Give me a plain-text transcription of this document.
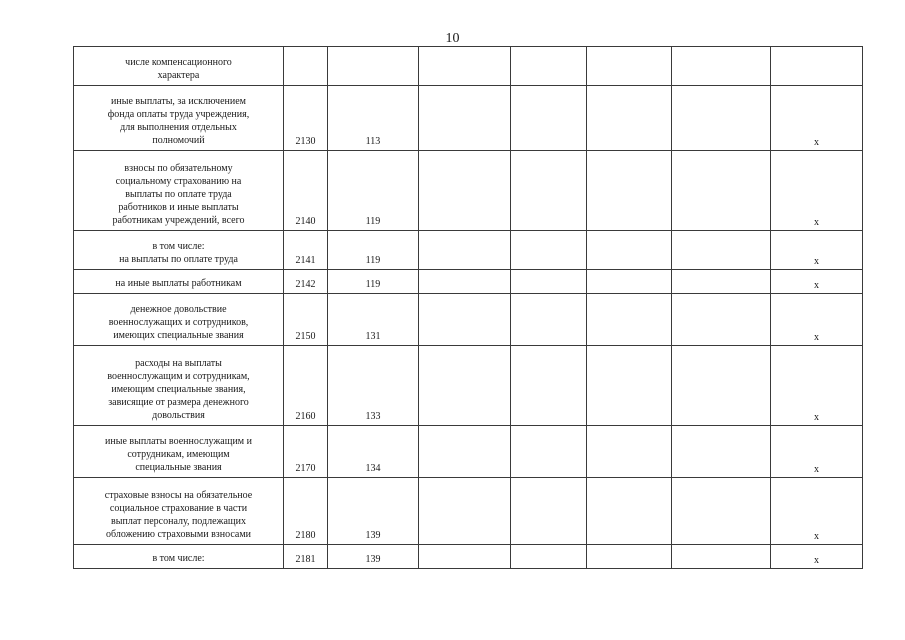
10
числе компенсационного
характера							
иные выплаты, за исключением
фонда оплаты труда учреждения,
для выполнения отдельных
полномочий	2130	113					x
взносы по обязательному
социальному страхованию на
выплаты по оплате труда
работников и иные выплаты
работникам учреждений, всего	2140	119					x
в том числе:
на выплаты по оплате труда	2141	119					x
на иные выплаты работникам	2142	119					x
денежное довольствие
военнослужащих и сотрудников,
имеющих специальные звания	2150	131					x
расходы на выплаты
военнослужащим и сотрудникам,
имеющим специальные звания,
зависящие от размера денежного
довольствия	2160	133					x
иные выплаты военнослужащим и
сотрудникам, имеющим
специальные звания	2170	134					x
страховые взносы на обязательное
социальное страхование в части
выплат персоналу, подлежащих
обложению страховыми взносами	2180	139					x
в том числе:	2181	139					x
